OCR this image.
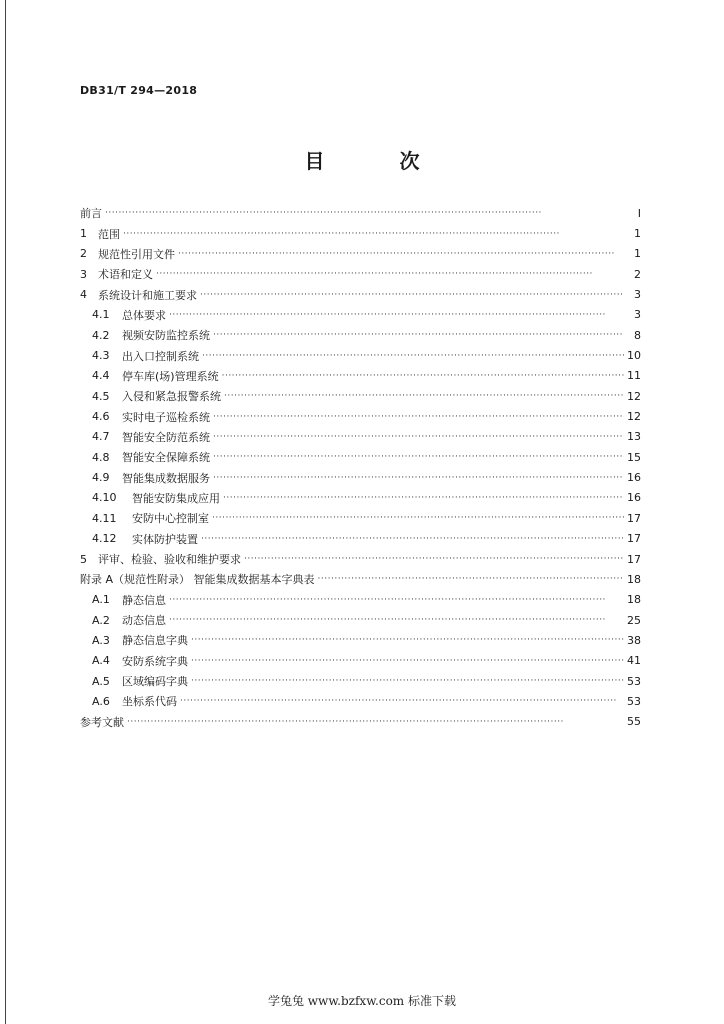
DB31/T 294—2018
目 次
前言 ·····	Ⅰ
1	范围 ·····	1
2	规范性引用文件 ·····	1
3	术语和定义 ·····	2
4	系统设计和施工要求 ·····	3
4.1	总体要求 ·····	3
4.2	视频安防监控系统 ·····	8
4.3	出入口控制系统 ·····	10
4.4	停车库(场)管理系统 ·····	11
4.5	入侵和紧急报警系统 ·····	12
4.6	实时电子巡检系统 ·····	12
4.7	智能安全防范系统 ·····	13
4.8	智能安全保障系统 ·····	15
4.9	智能集成数据服务 ·····	16
4.10	智能安防集成应用 ·····	16
4.11	安防中心控制室 ·····	17
4.12	实体防护装置 ·····	17
5	评审、检验、验收和维护要求 ·····	17
附录 A（规范性附录） 智能集成数据基本字典表 ·····	18
A.1	静态信息 ·····	18
A.2	动态信息 ·····	25
A.3	静态信息字典 ·····	38
A.4	安防系统字典 ·····	41
A.5	区域编码字典 ·····	53
A.6	坐标系代码 ·····	53
参考文献 ·····	55
学兔兔 www.bzfxw.com 标准下载
